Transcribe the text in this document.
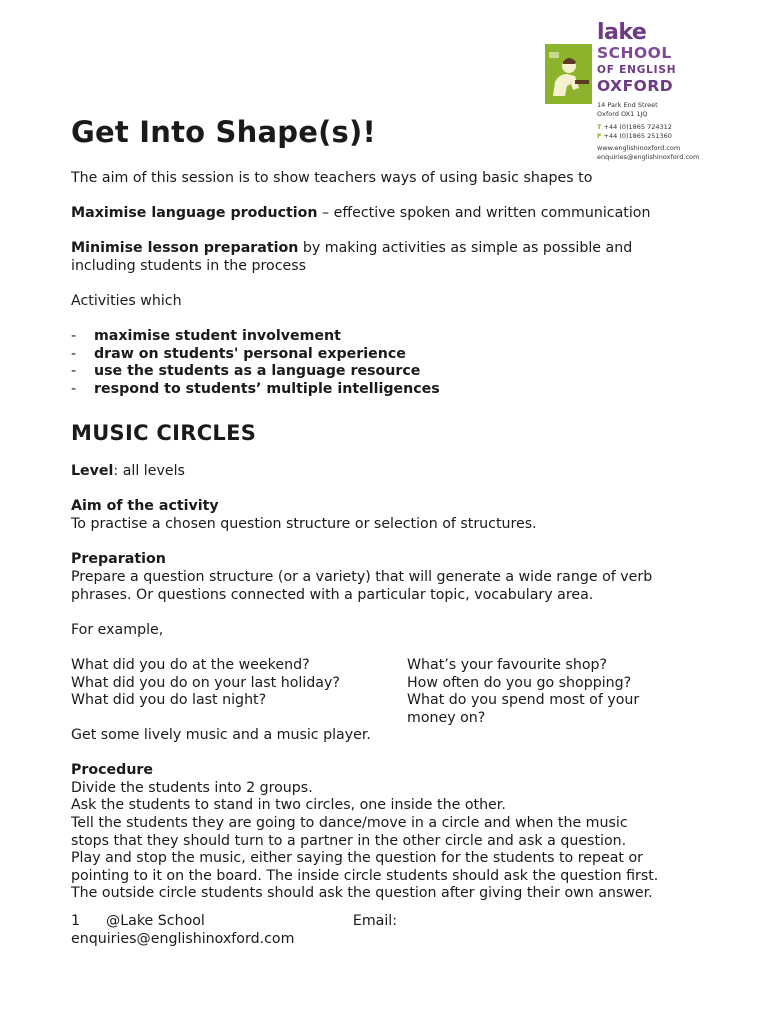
lake
SCHOOL
OF ENGLISH
OXFORD
14 Park End Street
Oxford OX1 1JQ
T +44 (0)1865 724312
F +44 (0)1865 251360
www.englishinoxford.com
enquiries@englishinoxford.com
Get Into Shape(s)!

The aim of this session is to show teachers ways of using basic shapes to

Maximise language production – effective spoken and written communication

Minimise lesson preparation by making activities as simple as possible and

including students in the process

Activities which

- maximise student involvement
- draw on students' personal experience
- use the students as a language resource
- respond to students’ multiple intelligences
MUSIC CIRCLES

Level: all levels

Aim of the activity

To practise a chosen question structure or selection of structures.

Preparation

Prepare a question structure (or a variety) that will generate a wide range of verb

phrases. Or questions connected with a particular topic, vocabulary area.

For example,

What did you do at the weekend?

What did you do on your last holiday?

What did you do last night?

What’s your favourite shop?

How often do you go shopping?

What do you spend most of your

money on?

Get some lively music and a music player.

Procedure

Divide the students into 2 groups.

Ask the students to stand in two circles, one inside the other.

Tell the students they are going to dance/move in a circle and when the music

stops that they should turn to a partner in the other circle and ask a question.

Play and stop the music, either saying the question for the students to repeat or

pointing to it on the board. The inside circle students should ask the question first.

The outside circle students should ask the question after giving their own answer.

1 @Lake School	Email:
enquiries@englishinoxford.com
